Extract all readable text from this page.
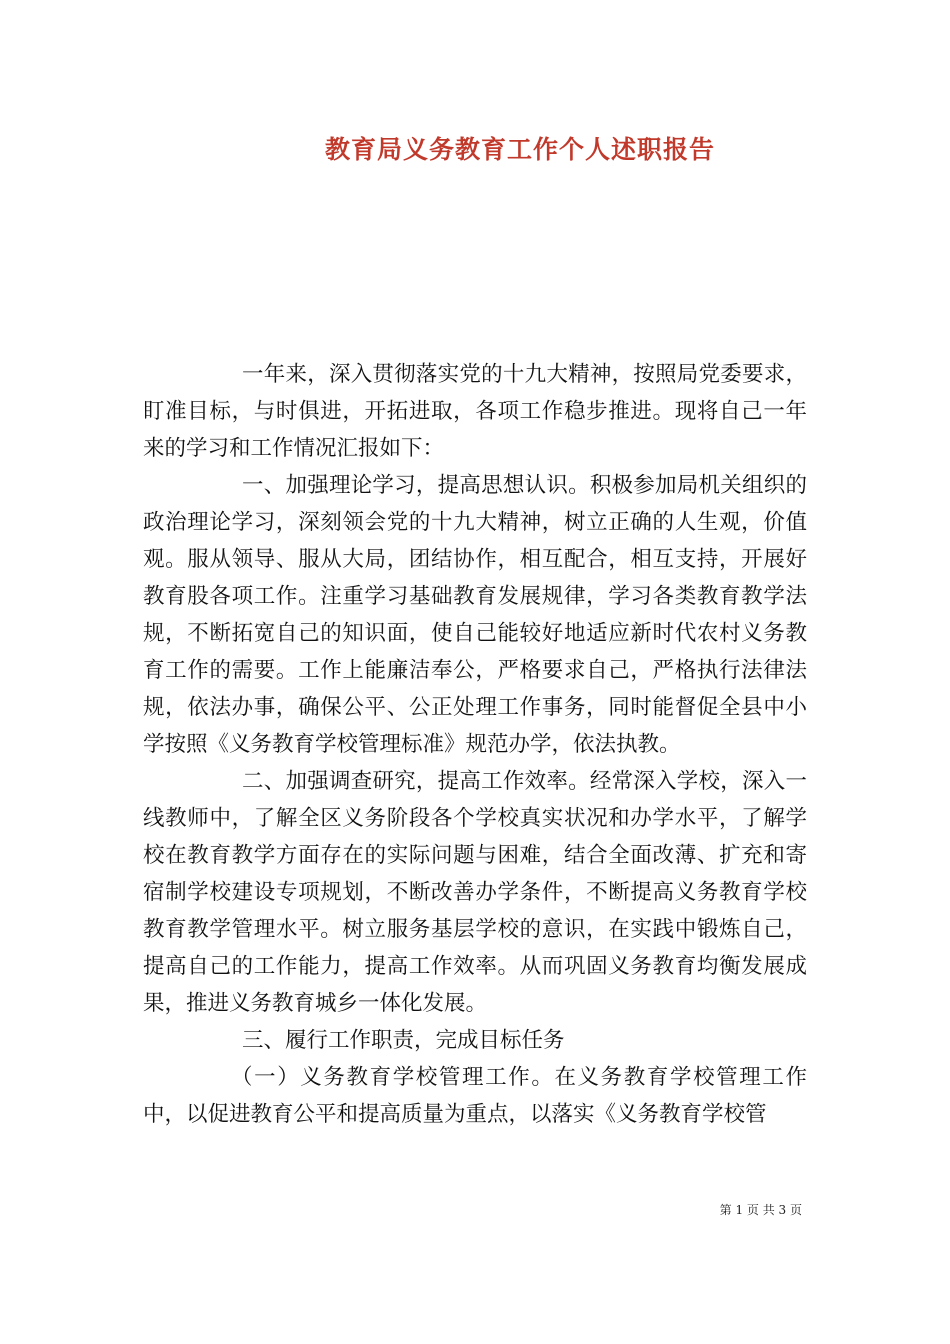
教育局义务教育工作个人述职报告

一年来，深入贯彻落实党的十九大精神，按照局党委要求，盯准目标，与时俱进，开拓进取，各项工作稳步推进。现将自己一年来的学习和工作情况汇报如下：

一、加强理论学习，提高思想认识。积极参加局机关组织的政治理论学习，深刻领会党的十九大精神，树立正确的人生观，价值观。服从领导、服从大局，团结协作，相互配合，相互支持，开展好教育股各项工作。注重学习基础教育发展规律，学习各类教育教学法规，不断拓宽自己的知识面，使自己能较好地适应新时代农村义务教育工作的需要。工作上能廉洁奉公，严格要求自己，严格执行法律法规，依法办事，确保公平、公正处理工作事务，同时能督促全县中小学按照《义务教育学校管理标准》规范办学，依法执教。

二、加强调查研究，提高工作效率。经常深入学校，深入一线教师中，了解全区义务阶段各个学校真实状况和办学水平，了解学校在教育教学方面存在的实际问题与困难，结合全面改薄、扩充和寄宿制学校建设专项规划，不断改善办学条件，不断提高义务教育学校教育教学管理水平。树立服务基层学校的意识，在实践中锻炼自己，提高自己的工作能力，提高工作效率。从而巩固义务教育均衡发展成果，推进义务教育城乡一体化发展。

三、履行工作职责，完成目标任务

（一）义务教育学校管理工作。在义务教育学校管理工作中，以促进教育公平和提高质量为重点，以落实《义务教育学校管

第 1 页 共 3 页
